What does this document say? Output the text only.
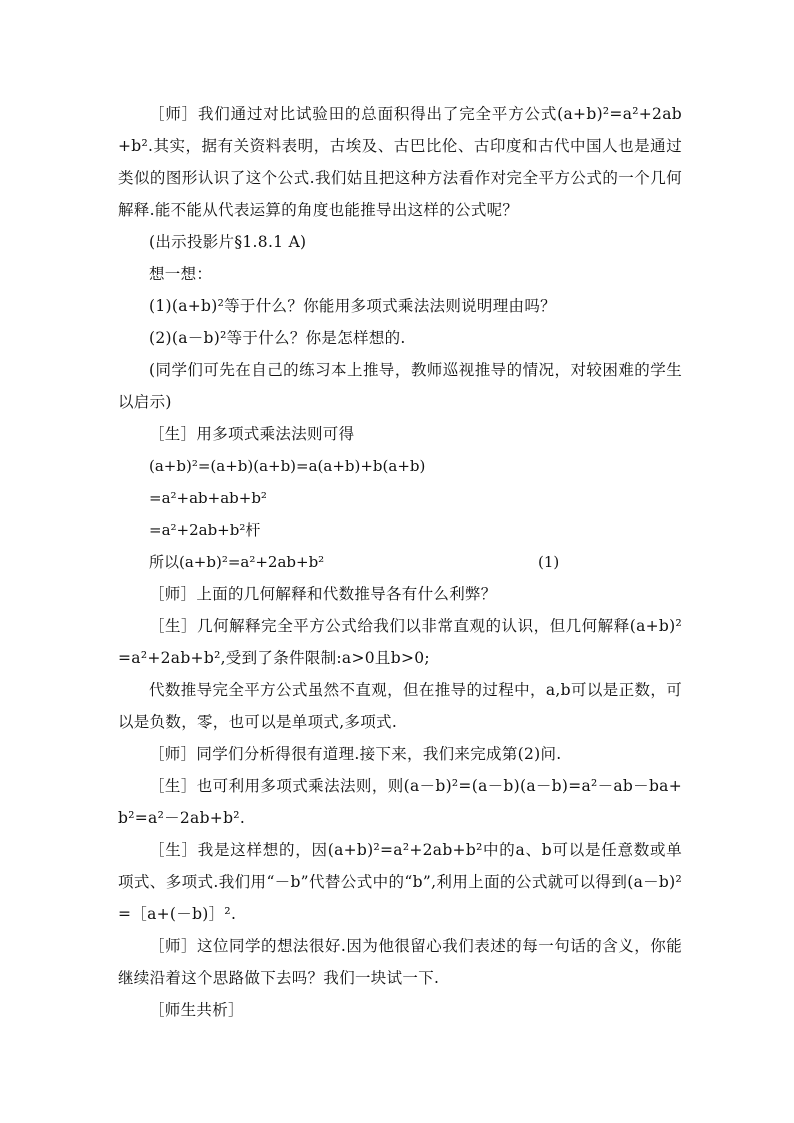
［师］我们通过对比试验田的总面积得出了完全平方公式(a+b)²=a²+2ab+b².其实，据有关资料表明，古埃及、古巴比伦、古印度和古代中国人也是通过类似的图形认识了这个公式.我们姑且把这种方法看作对完全平方公式的一个几何解释.能不能从代表运算的角度也能推导出这样的公式呢？

(出示投影片§1.8.1 A)

想一想：

(1)(a+b)²等于什么？你能用多项式乘法法则说明理由吗？

(2)(a－b)²等于什么？你是怎样想的.

(同学们可先在自己的练习本上推导，教师巡视推导的情况，对较困难的学生以启示)

［生］用多项式乘法法则可得

(a+b)²=(a+b)(a+b)=a(a+b)+b(a+b)
=a²+ab+ab+b²
=a²+2ab+b²杆
所以(a+b)²=a²+2ab+b²	(1)

［师］上面的几何解释和代数推导各有什么利弊？

［生］几何解释完全平方公式给我们以非常直观的认识，但几何解释(a+b)²=a²+2ab+b²,受到了条件限制:a>0且b>0;

代数推导完全平方公式虽然不直观，但在推导的过程中，a,b可以是正数，可以是负数，零，也可以是单项式,多项式.

［师］同学们分析得很有道理.接下来，我们来完成第(2)问.

［生］也可利用多项式乘法法则，则(a－b)²=(a－b)(a－b)=a²－ab－ba+b²=a²－2ab+b².

［生］我是这样想的，因(a+b)²=a²+2ab+b²中的a、b可以是任意数或单项式、多项式.我们用“－b”代替公式中的“b”,利用上面的公式就可以得到(a－b)²=［a+(－b)］².

［师］这位同学的想法很好.因为他很留心我们表述的每一句话的含义，你能继续沿着这个思路做下去吗？我们一块试一下.

［师生共析］
